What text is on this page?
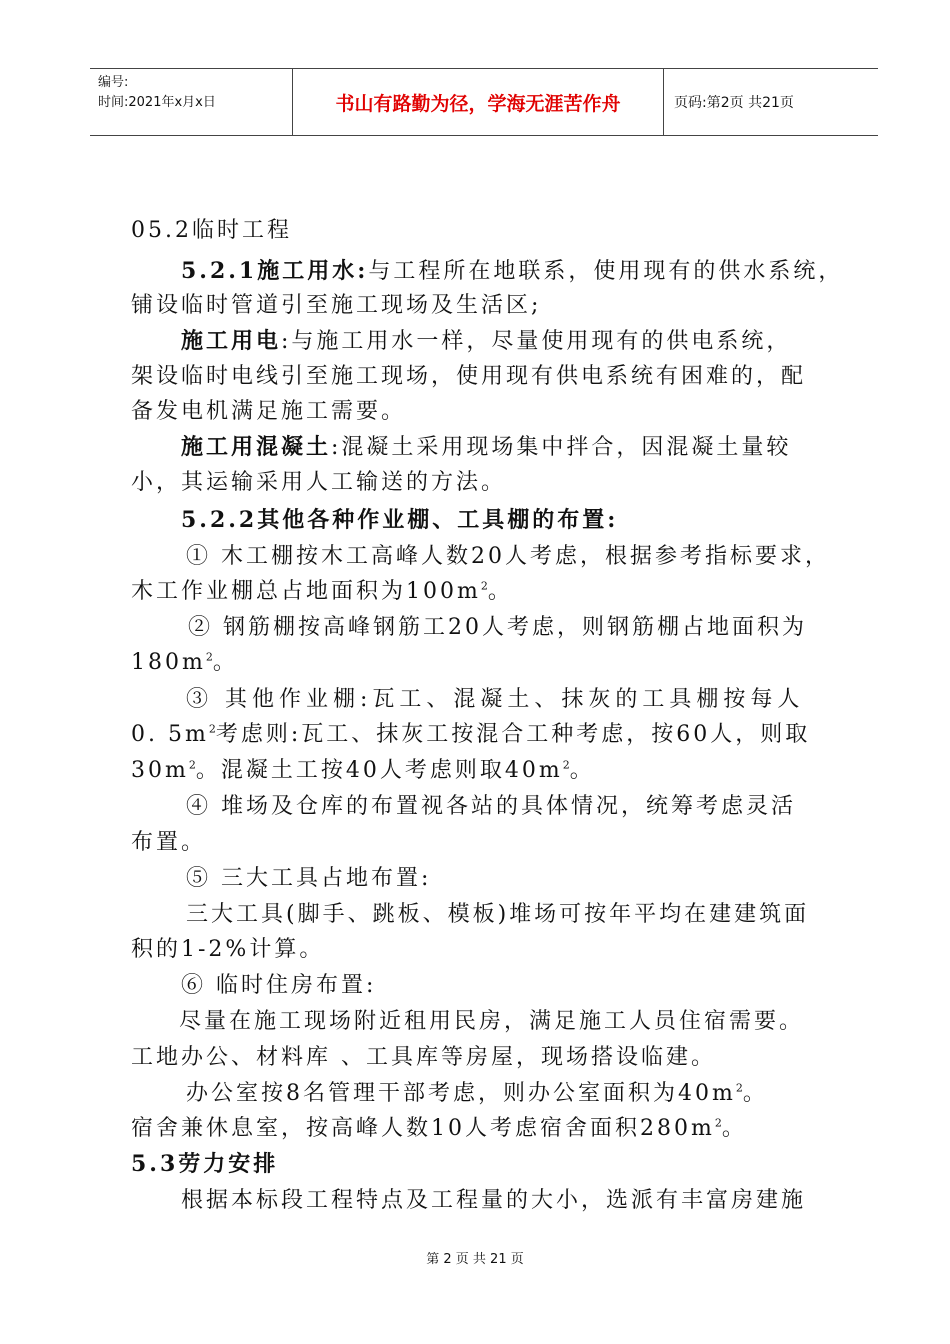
编号:
时间:2021年x月x日	书山有路勤为径，学海无涯苦作舟	页码:第2页 共21页
05.2临时工程
5.2.1施工用水:与工程所在地联系，使用现有的供水系统，
铺设临时管道引至施工现场及生活区;
施工用电:与施工用水一样，尽量使用现有的供电系统，
架设临时电线引至施工现场，使用现有供电系统有困难的，配
备发电机满足施工需要。
施工用混凝土:混凝土采用现场集中拌合，因混凝土量较
小，其运输采用人工输送的方法。
5.2.2其他各种作业棚、工具棚的布置:
① 木工棚按木工高峰人数20人考虑，根据参考指标要求，
木工作业棚总占地面积为$100m^2$。
② 钢筋棚按高峰钢筋工20人考虑，则钢筋棚占地面积为
$180m^2$。
③ 其他作业棚:瓦工、混凝土、抹灰的工具棚按每人
0. $5m^2$考虑则:瓦工、抹灰工按混合工种考虑，按60人，则取
$30m^2$。混凝土工按40人考虑则取$40m^2$。
④ 堆场及仓库的布置视各站的具体情况，统筹考虑灵活
布置。
⑤ 三大工具占地布置:
三大工具(脚手、跳板、模板)堆场可按年平均在建建筑面
积的1-2%计算。
⑥ 临时住房布置:
尽量在施工现场附近租用民房，满足施工人员住宿需要。
工地办公、材料库 、工具库等房屋，现场搭设临建。
办公室按8名管理干部考虑，则办公室面积为$40m^2$。
宿舍兼休息室，按高峰人数10人考虑宿舍面积$280m^2$。
5.3劳力安排
根据本标段工程特点及工程量的大小，选派有丰富房建施
第 2 页 共 21 页
